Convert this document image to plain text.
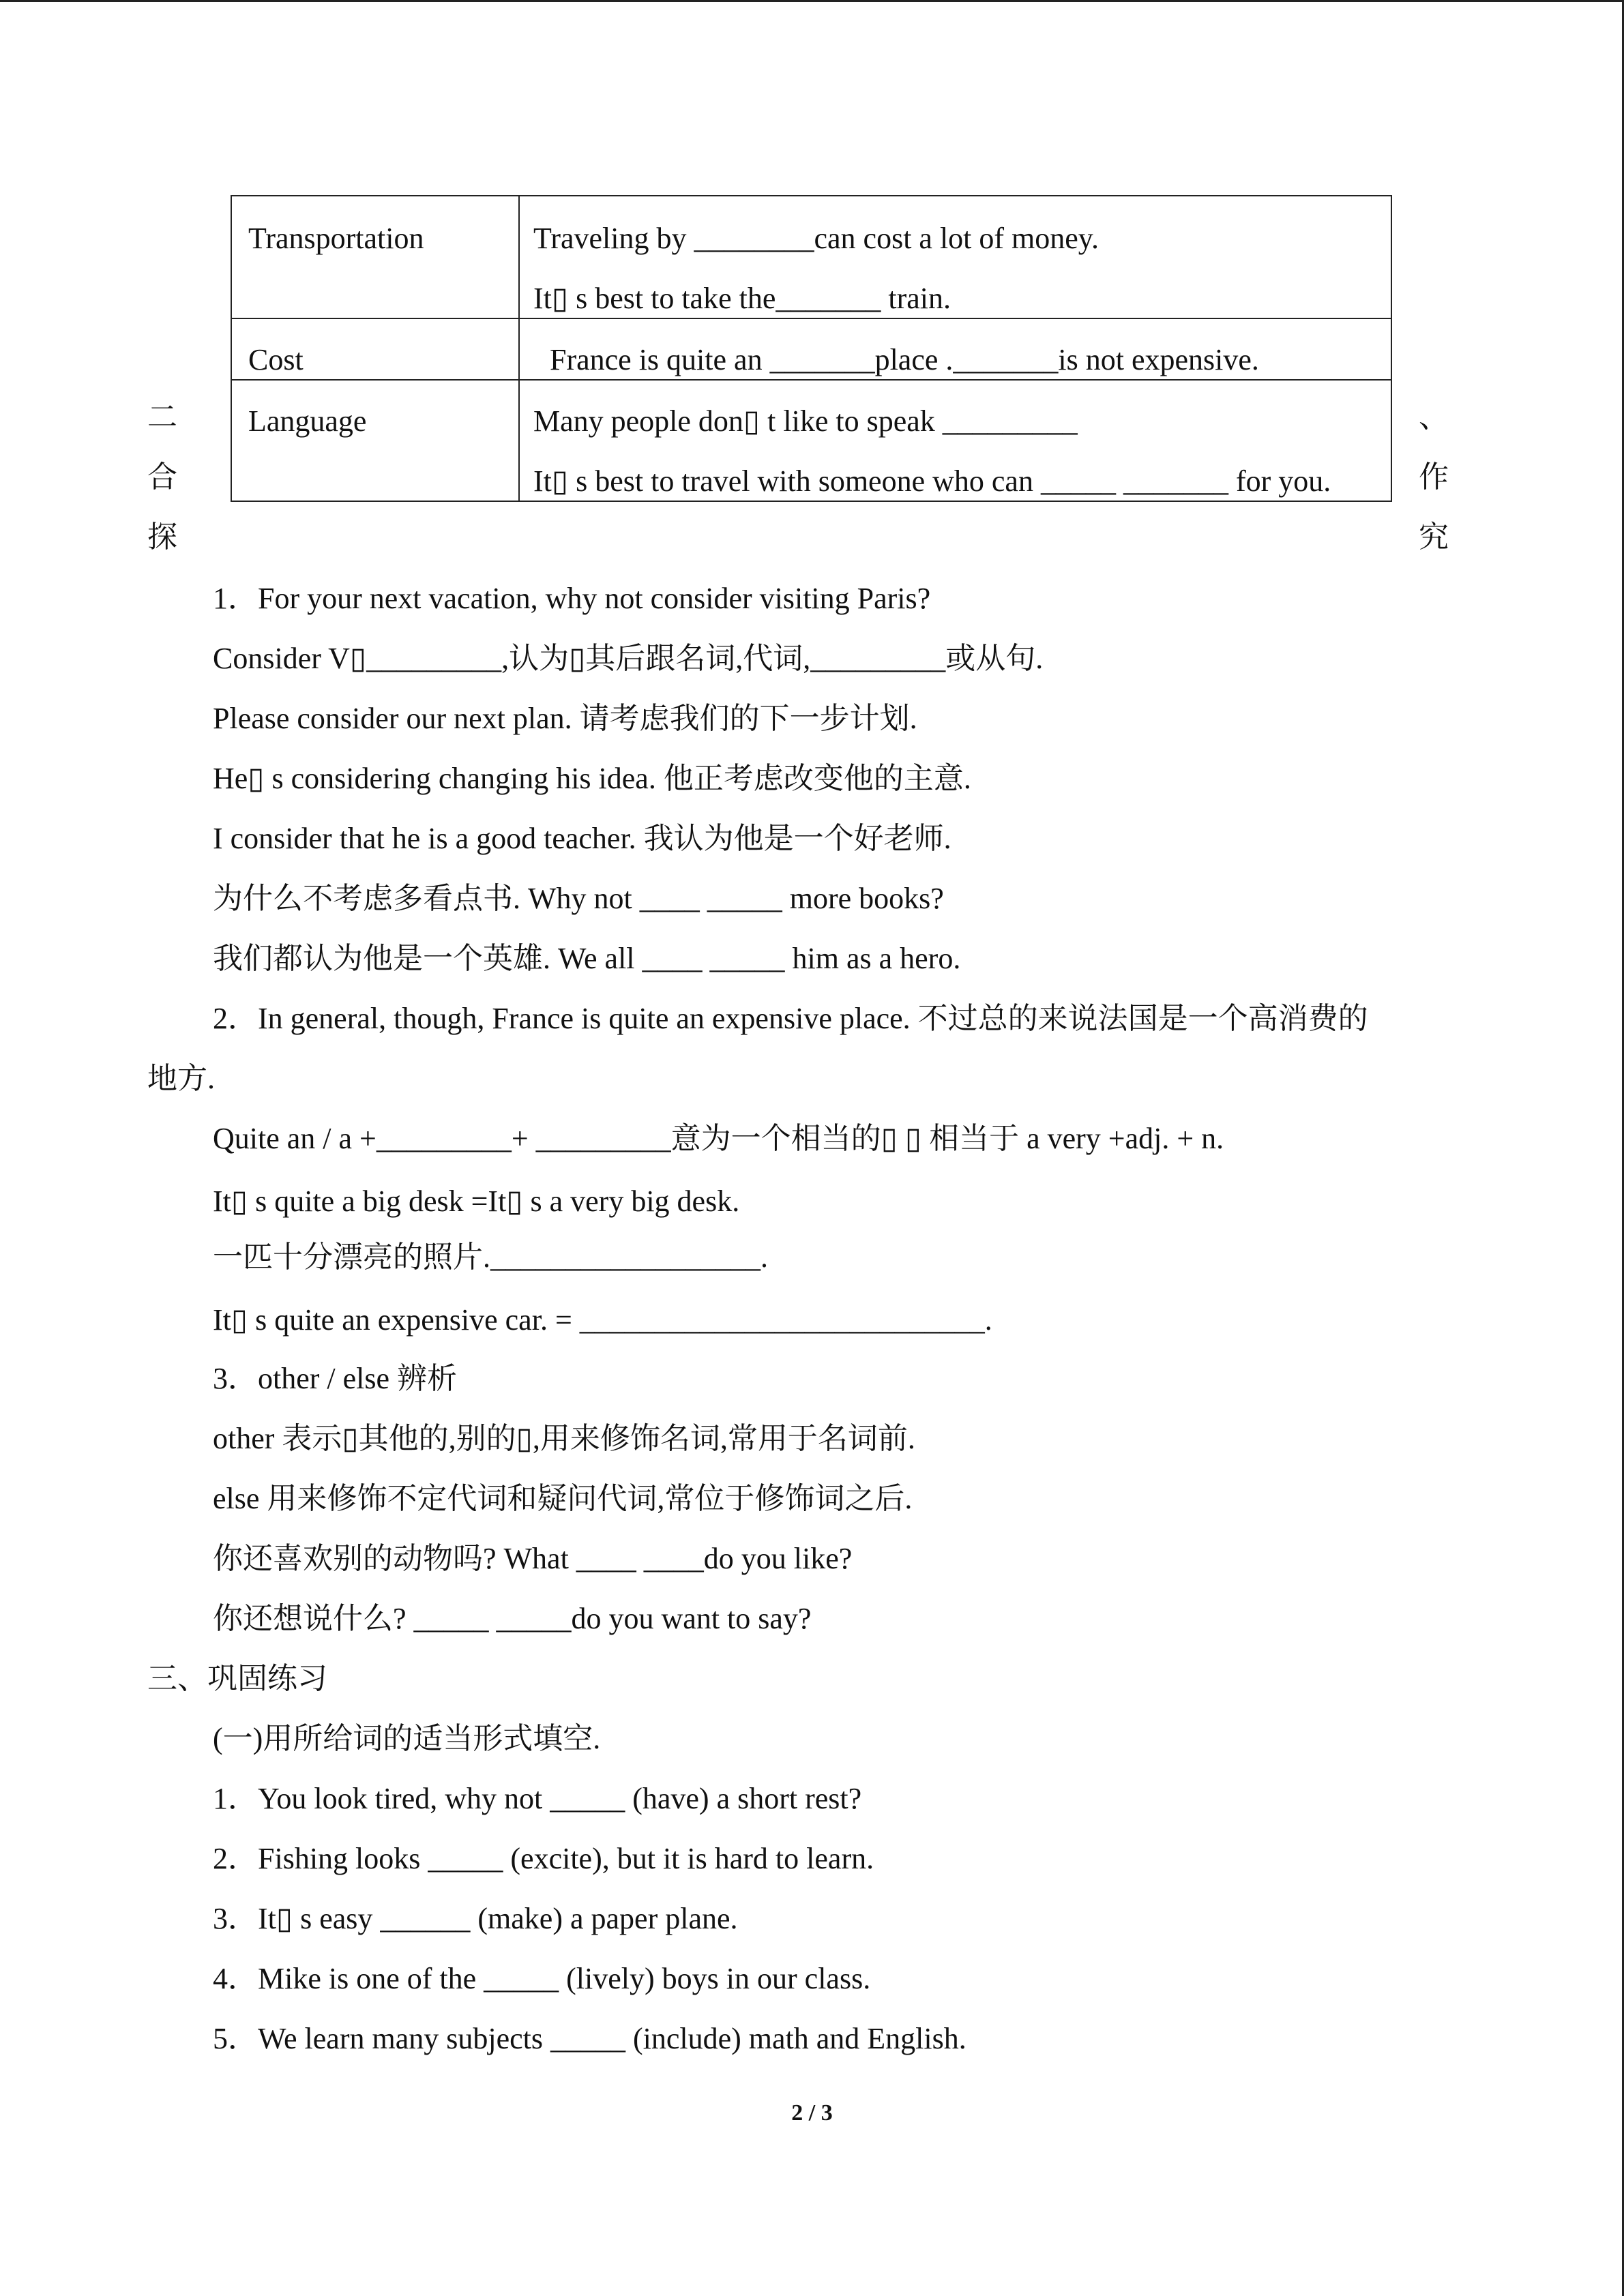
Transportation	Traveling by ________can cost a lot of money.
It▯ s best to take the_______ train.
Cost	France is quite an _______place ._______is not expensive.
Language	Many people don▯ t like to speak _________
It▯ s best to travel with someone who can _____ _______ for you.
二
合
探
、
作
究
1．For your next vacation, why not consider visiting Paris?
Consider V▯_________,认为▯其后跟名词,代词,_________或从句.
Please consider our next plan. 请考虑我们的下一步计划.
He▯ s considering changing his idea. 他正考虑改变他的主意.
I consider that he is a good teacher. 我认为他是一个好老师.
为什么不考虑多看点书. Why not ____ _____ more books?
我们都认为他是一个英雄. We all ____ _____ him as a hero.
2．In general, though, France is quite an expensive place. 不过总的来说法国是一个高消费的
地方.
Quite an / a +_________+ _________意为一个相当的▯ ▯ 相当于 a very +adj. + n.
It▯ s quite a big desk =It▯ s a very big desk.
一匹十分漂亮的照片.__________________.
It▯ s quite an expensive car. = ___________________________.
3．other / else 辨析
other 表示▯其他的,别的▯,用来修饰名词,常用于名词前.
else 用来修饰不定代词和疑问代词,常位于修饰词之后.
你还喜欢别的动物吗? What ____ ____do you like?
你还想说什么? _____ _____do you want to say?
三、巩固练习
(一)用所给词的适当形式填空.
1．You look tired, why not _____ (have) a short rest?
2．Fishing looks _____ (excite), but it is hard to learn.
3．It▯ s easy ______ (make) a paper plane.
4．Mike is one of the _____ (lively) boys in our class.
5．We learn many subjects _____ (include) math and English.
2 / 3
